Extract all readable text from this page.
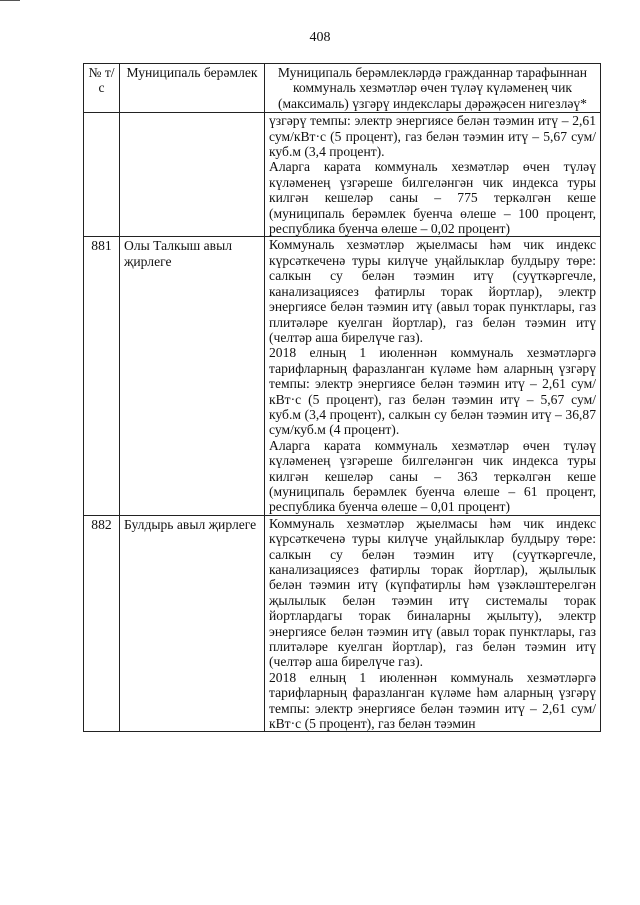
408
№ т/с	Муниципаль берәмлек	Муниципаль берәмлекләрдә гражданнар тарафыннан коммуналь хезмәтләр өчен түләү күләменең чик (максималь) үзгәрү индекслары дәрәҗәсен нигезләү*

		үзгәрү темпы: электр энергиясе белән тәэмин итү – 2,61 сум/кВт·с (5 процент), газ белән тәэмин итү – 5,67 сум/куб.м (3,4 процент).

Аларга карата коммуналь хезмәтләр өчен түләү күләменең үзгәреше билгеләнгән чик индекса туры килгән кешеләр саны – 775 теркәлгән кеше (муниципаль берәмлек буенча өлеше – 100 процент, республика буенча өлеше – 0,02 процент)

881	Олы Талкыш авыл җирлеге	Коммуналь хезмәтләр җыелмасы һәм чик индекс күрсәткеченә туры килүче уңайлыклар булдыру төре: салкын су белән тәэмин итү (суүткәргечле, канализациясез фатирлы торак йортлар), электр энергиясе белән тәэмин итү (авыл торак пунктлары, газ плитәләре куелган йортлар), газ белән тәэмин итү (челтәр аша бирелүче газ).

2018 елның 1 июленнән коммуналь хезмәтләргә тарифларның фаразланган күләме һәм аларның үзгәрү темпы: электр энергиясе белән тәэмин итү – 2,61 сум/кВт·с (5 процент), газ белән тәэмин итү – 5,67 сум/куб.м (3,4 процент), салкын су белән тәэмин итү – 36,87 сум/куб.м (4 процент).

Аларга карата коммуналь хезмәтләр өчен түләү күләменең үзгәреше билгеләнгән чик индекса туры килгән кешеләр саны – 363 теркәлгән кеше (муниципаль берәмлек буенча өлеше – 61 процент, республика буенча өлеше – 0,01 процент)

882	Булдырь авыл җирлеге	Коммуналь хезмәтләр җыелмасы һәм чик индекс күрсәткеченә туры килүче уңайлыклар булдыру төре: салкын су белән тәэмин итү (суүткәргечле, канализациясез фатирлы торак йортлар), җылылык белән тәэмин итү (күпфатирлы һәм үзәкләштерелгән җылылык белән тәэмин итү системалы торак йортлардагы торак биналарны җылыту), электр энергиясе белән тәэмин итү (авыл торак пунктлары, газ плитәләре куелган йортлар), газ белән тәэмин итү (челтәр аша бирелүче газ).

2018 елның 1 июленнән коммуналь хезмәтләргә тарифларның фаразланган күләме һәм аларның үзгәрү темпы: электр энергиясе белән тәэмин итү – 2,61 сум/кВт·с (5 процент), газ белән тәэмин
